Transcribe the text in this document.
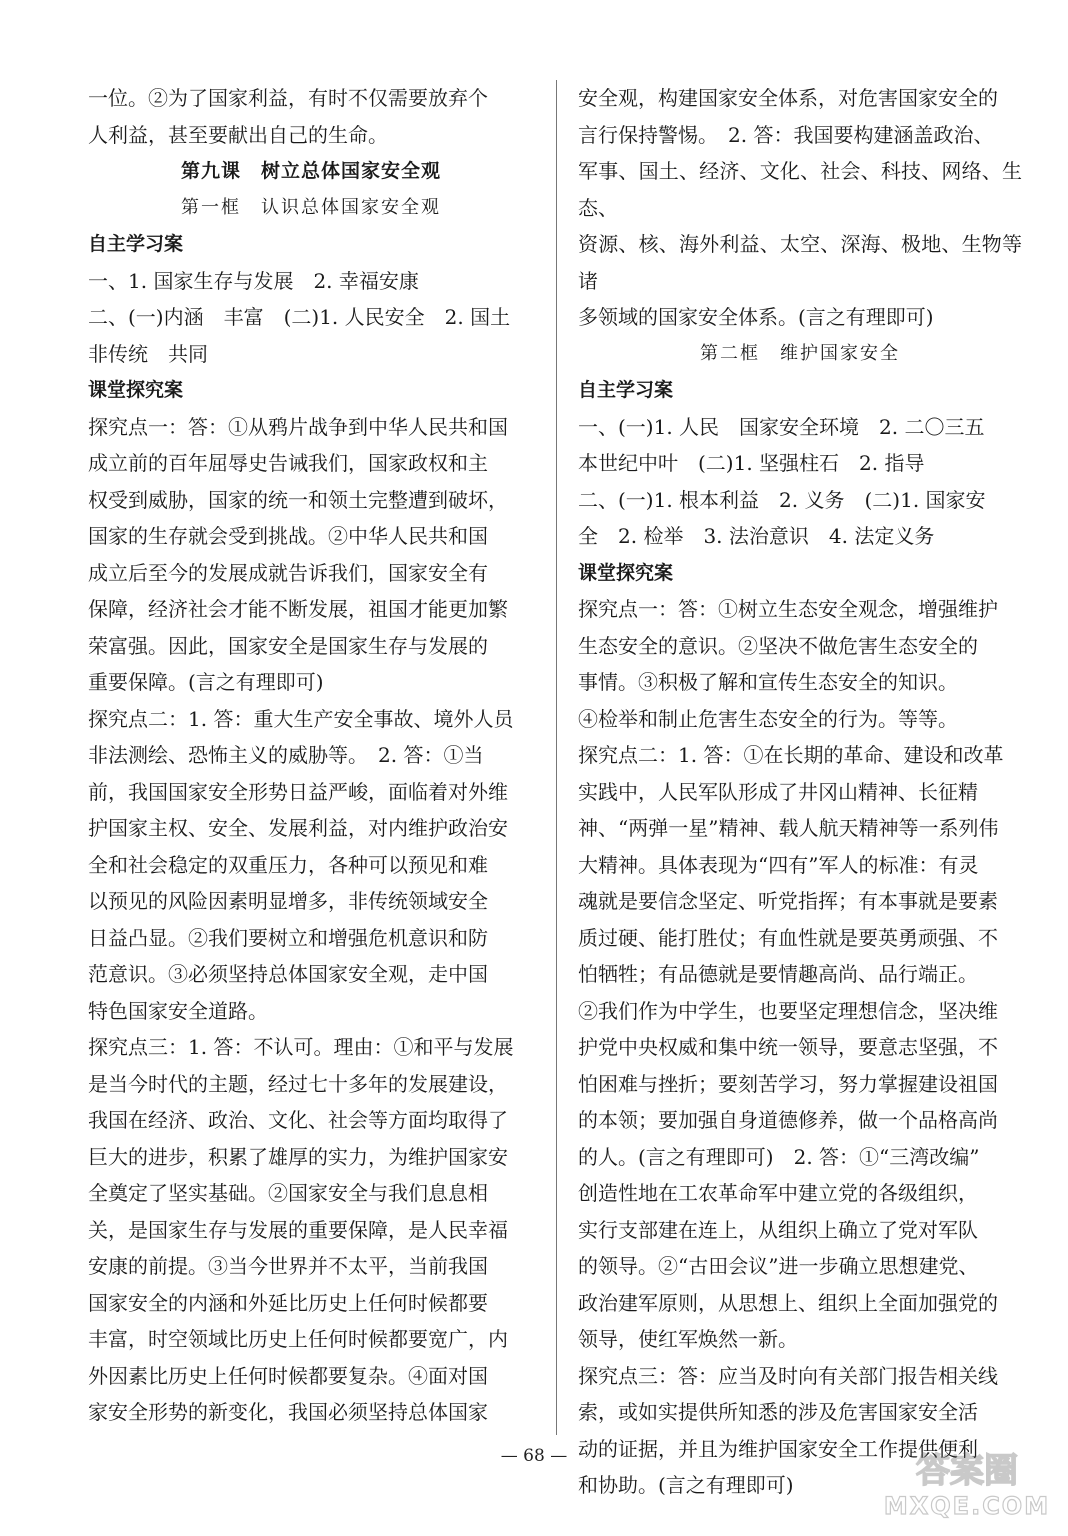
一位。②为了国家利益，有时不仅需要放弃个

人利益，甚至要献出自己的生命。

第九课　树立总体国家安全观

第一框　认识总体国家安全观

自主学习案

一、1. 国家生存与发展　2. 幸福安康

二、(一)内涵　丰富　(二)1. 人民安全　2. 国土

非传统　共同

课堂探究案

探究点一：答：①从鸦片战争到中华人民共和国

成立前的百年屈辱史告诫我们，国家政权和主

权受到威胁，国家的统一和领土完整遭到破坏，

国家的生存就会受到挑战。②中华人民共和国

成立后至今的发展成就告诉我们，国家安全有

保障，经济社会才能不断发展，祖国才能更加繁

荣富强。因此，国家安全是国家生存与发展的

重要保障。(言之有理即可)

探究点二：1. 答：重大生产安全事故、境外人员

非法测绘、恐怖主义的威胁等。　2. 答：①当

前，我国国家安全形势日益严峻，面临着对外维

护国家主权、安全、发展利益，对内维护政治安

全和社会稳定的双重压力，各种可以预见和难

以预见的风险因素明显增多，非传统领域安全

日益凸显。②我们要树立和增强危机意识和防

范意识。③必须坚持总体国家安全观，走中国

特色国家安全道路。

探究点三：1. 答：不认可。理由：①和平与发展

是当今时代的主题，经过七十多年的发展建设，

我国在经济、政治、文化、社会等方面均取得了

巨大的进步，积累了雄厚的实力，为维护国家安

全奠定了坚实基础。②国家安全与我们息息相

关，是国家生存与发展的重要保障，是人民幸福

安康的前提。③当今世界并不太平，当前我国

国家安全的内涵和外延比历史上任何时候都要

丰富，时空领域比历史上任何时候都要宽广，内

外因素比历史上任何时候都要复杂。④面对国

家安全形势的新变化，我国必须坚持总体国家

安全观，构建国家安全体系，对危害国家安全的

言行保持警惕。　2. 答：我国要构建涵盖政治、

军事、国土、经济、文化、社会、科技、网络、生态、

资源、核、海外利益、太空、深海、极地、生物等诸

多领域的国家安全体系。(言之有理即可)

第二框　维护国家安全

自主学习案

一、(一)1. 人民　国家安全环境　2. 二〇三五

本世纪中叶　(二)1. 坚强柱石　2. 指导

二、(一)1. 根本利益　2. 义务　(二)1. 国家安

全　2. 检举　3. 法治意识　4. 法定义务

课堂探究案

探究点一：答：①树立生态安全观念，增强维护

生态安全的意识。②坚决不做危害生态安全的

事情。③积极了解和宣传生态安全的知识。

④检举和制止危害生态安全的行为。等等。

探究点二：1. 答：①在长期的革命、建设和改革

实践中，人民军队形成了井冈山精神、长征精

神、“两弹一星”精神、载人航天精神等一系列伟

大精神。具体表现为“四有”军人的标准：有灵

魂就是要信念坚定、听党指挥；有本事就是要素

质过硬、能打胜仗；有血性就是要英勇顽强、不

怕牺牲；有品德就是要情趣高尚、品行端正。

②我们作为中学生，也要坚定理想信念，坚决维

护党中央权威和集中统一领导，要意志坚强，不

怕困难与挫折；要刻苦学习，努力掌握建设祖国

的本领；要加强自身道德修养，做一个品格高尚

的人。(言之有理即可)　2. 答：①“三湾改编”

创造性地在工农革命军中建立党的各级组织，

实行支部建在连上，从组织上确立了党对军队

的领导。②“古田会议”进一步确立思想建党、

政治建军原则，从思想上、组织上全面加强党的

领导，使红军焕然一新。

探究点三：答：应当及时向有关部门报告相关线

索，或如实提供所知悉的涉及危害国家安全活

动的证据，并且为维护国家安全工作提供便利

和协助。(言之有理即可)

— 68 —	答案圈
MXQE.COM
